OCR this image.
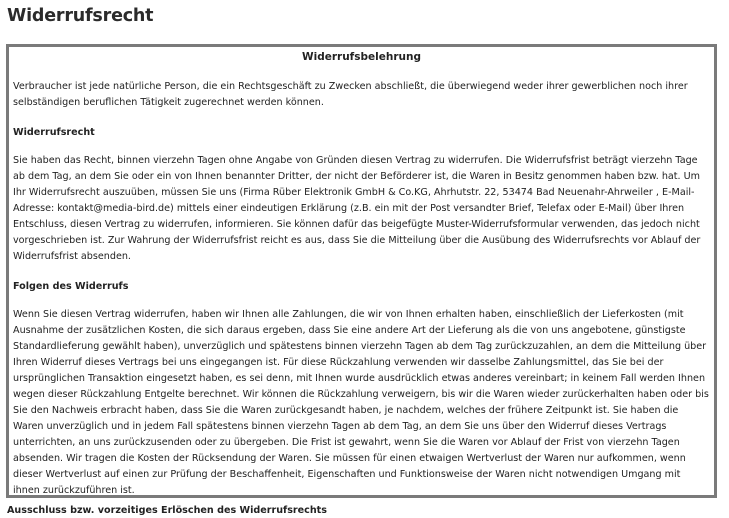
Widerrufsrecht

Widerrufsbelehrung

Verbraucher ist jede natürliche Person, die ein Rechtsgeschäft zu Zwecken abschließt, die überwiegend weder ihrer gewerblichen noch ihrer selbständigen beruflichen Tätigkeit zugerechnet werden können.

Widerrufsrecht

Sie haben das Recht, binnen vierzehn Tagen ohne Angabe von Gründen diesen Vertrag zu widerrufen. Die Widerrufsfrist beträgt vierzehn Tage ab dem Tag, an dem Sie oder ein von Ihnen benannter Dritter, der nicht der Beförderer ist, die Waren in Besitz genommen haben bzw. hat. Um Ihr Widerrufsrecht auszuüben, müssen Sie uns (Firma Rüber Elektronik GmbH & Co.KG, Ahrhutstr. 22, 53474 Bad Neuenahr-Ahrweiler , E-Mail-Adresse: kontakt@media-bird.de) mittels einer eindeutigen Erklärung (z.B. ein mit der Post versandter Brief, Telefax oder E-Mail) über Ihren Entschluss, diesen Vertrag zu widerrufen, informieren. Sie können dafür das beigefügte Muster-Widerrufsformular verwenden, das jedoch nicht vorgeschrieben ist. Zur Wahrung der Widerrufsfrist reicht es aus, dass Sie die Mitteilung über die Ausübung des Widerrufsrechts vor Ablauf der Widerrufsfrist absenden.

Folgen des Widerrufs

Wenn Sie diesen Vertrag widerrufen, haben wir Ihnen alle Zahlungen, die wir von Ihnen erhalten haben, einschließlich der Lieferkosten (mit Ausnahme der zusätzlichen Kosten, die sich daraus ergeben, dass Sie eine andere Art der Lieferung als die von uns angebotene, günstigste Standardlieferung gewählt haben), unverzüglich und spätestens binnen vierzehn Tagen ab dem Tag zurückzuzahlen, an dem die Mitteilung über Ihren Widerruf dieses Vertrags bei uns eingegangen ist. Für diese Rückzahlung verwenden wir dasselbe Zahlungsmittel, das Sie bei der ursprünglichen Transaktion eingesetzt haben, es sei denn, mit Ihnen wurde ausdrücklich etwas anderes vereinbart; in keinem Fall werden Ihnen wegen dieser Rückzahlung Entgelte berechnet. Wir können die Rückzahlung verweigern, bis wir die Waren wieder zurückerhalten haben oder bis Sie den Nachweis erbracht haben, dass Sie die Waren zurückgesandt haben, je nachdem, welches der frühere Zeitpunkt ist. Sie haben die Waren unverzüglich und in jedem Fall spätestens binnen vierzehn Tagen ab dem Tag, an dem Sie uns über den Widerruf dieses Vertrags unterrichten, an uns zurückzusenden oder zu übergeben. Die Frist ist gewahrt, wenn Sie die Waren vor Ablauf der Frist von vierzehn Tagen absenden. Wir tragen die Kosten der Rücksendung der Waren. Sie müssen für einen etwaigen Wertverlust der Waren nur aufkommen, wenn dieser Wertverlust auf einen zur Prüfung der Beschaffenheit, Eigenschaften und Funktionsweise der Waren nicht notwendigen Umgang mit ihnen zurückzuführen ist.

Ausschluss bzw. vorzeitiges Erlöschen des Widerrufsrechts
